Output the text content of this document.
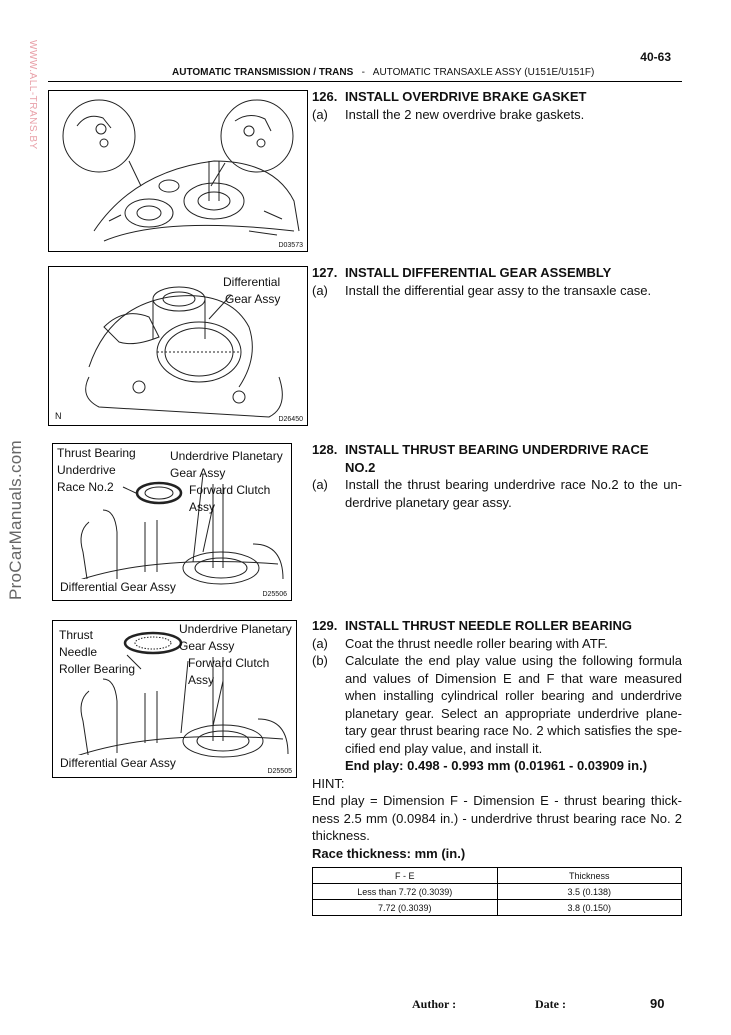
40-63
AUTOMATIC TRANSMISSION / TRANS - AUTOMATIC TRANSAXLE ASSY (U151E/U151F)
WWW.ALL-TRANS.BY
ProCarManuals.com
D03573
Differential
Gear Assy
N	D26450
Thrust Bearing
Underdrive
Race No.2
Underdrive Planetary
Gear Assy
Forward Clutch
Assy
Differential Gear Assy
D25506
Thrust
Needle
Roller Bearing
Underdrive Planetary
Gear Assy
Forward Clutch
Assy
Differential Gear Assy
D25505
126. INSTALL OVERDRIVE BRAKE GASKET
(a)	Install the 2 new overdrive brake gaskets.
127. INSTALL DIFFERENTIAL GEAR ASSEMBLY
(a)	Install the differential gear assy to the transaxle case.
128. INSTALL THRUST BEARING UNDERDRIVE RACE
NO.2
(a)	Install the thrust bearing underdrive race No.2 to the un-derdrive planetary gear assy.
129. INSTALL THRUST NEEDLE ROLLER BEARING
(a)	Coat the thrust needle roller bearing with ATF.
(b)	Calculate the end play value using the following formula and values of Dimension E and F that ware measured when installing cylindrical roller bearing and underdrive planetary gear. Select an appropriate underdrive plane-tary gear thrust bearing race No. 2 which satisfies the spe-cified end play value, and install it.
End play: 0.498 - 0.993 mm (0.01961 - 0.03909 in.)
HINT:
End play = Dimension F - Dimension E - thrust bearing thick-ness 2.5 mm (0.0984 in.) - underdrive thrust bearing race No. 2 thickness.
Race thickness: mm (in.)
F - E	Thickness
Less than 7.72 (0.3039)	3.5 (0.138)
7.72 (0.3039)	3.8 (0.150)
Author :	Date :	90
